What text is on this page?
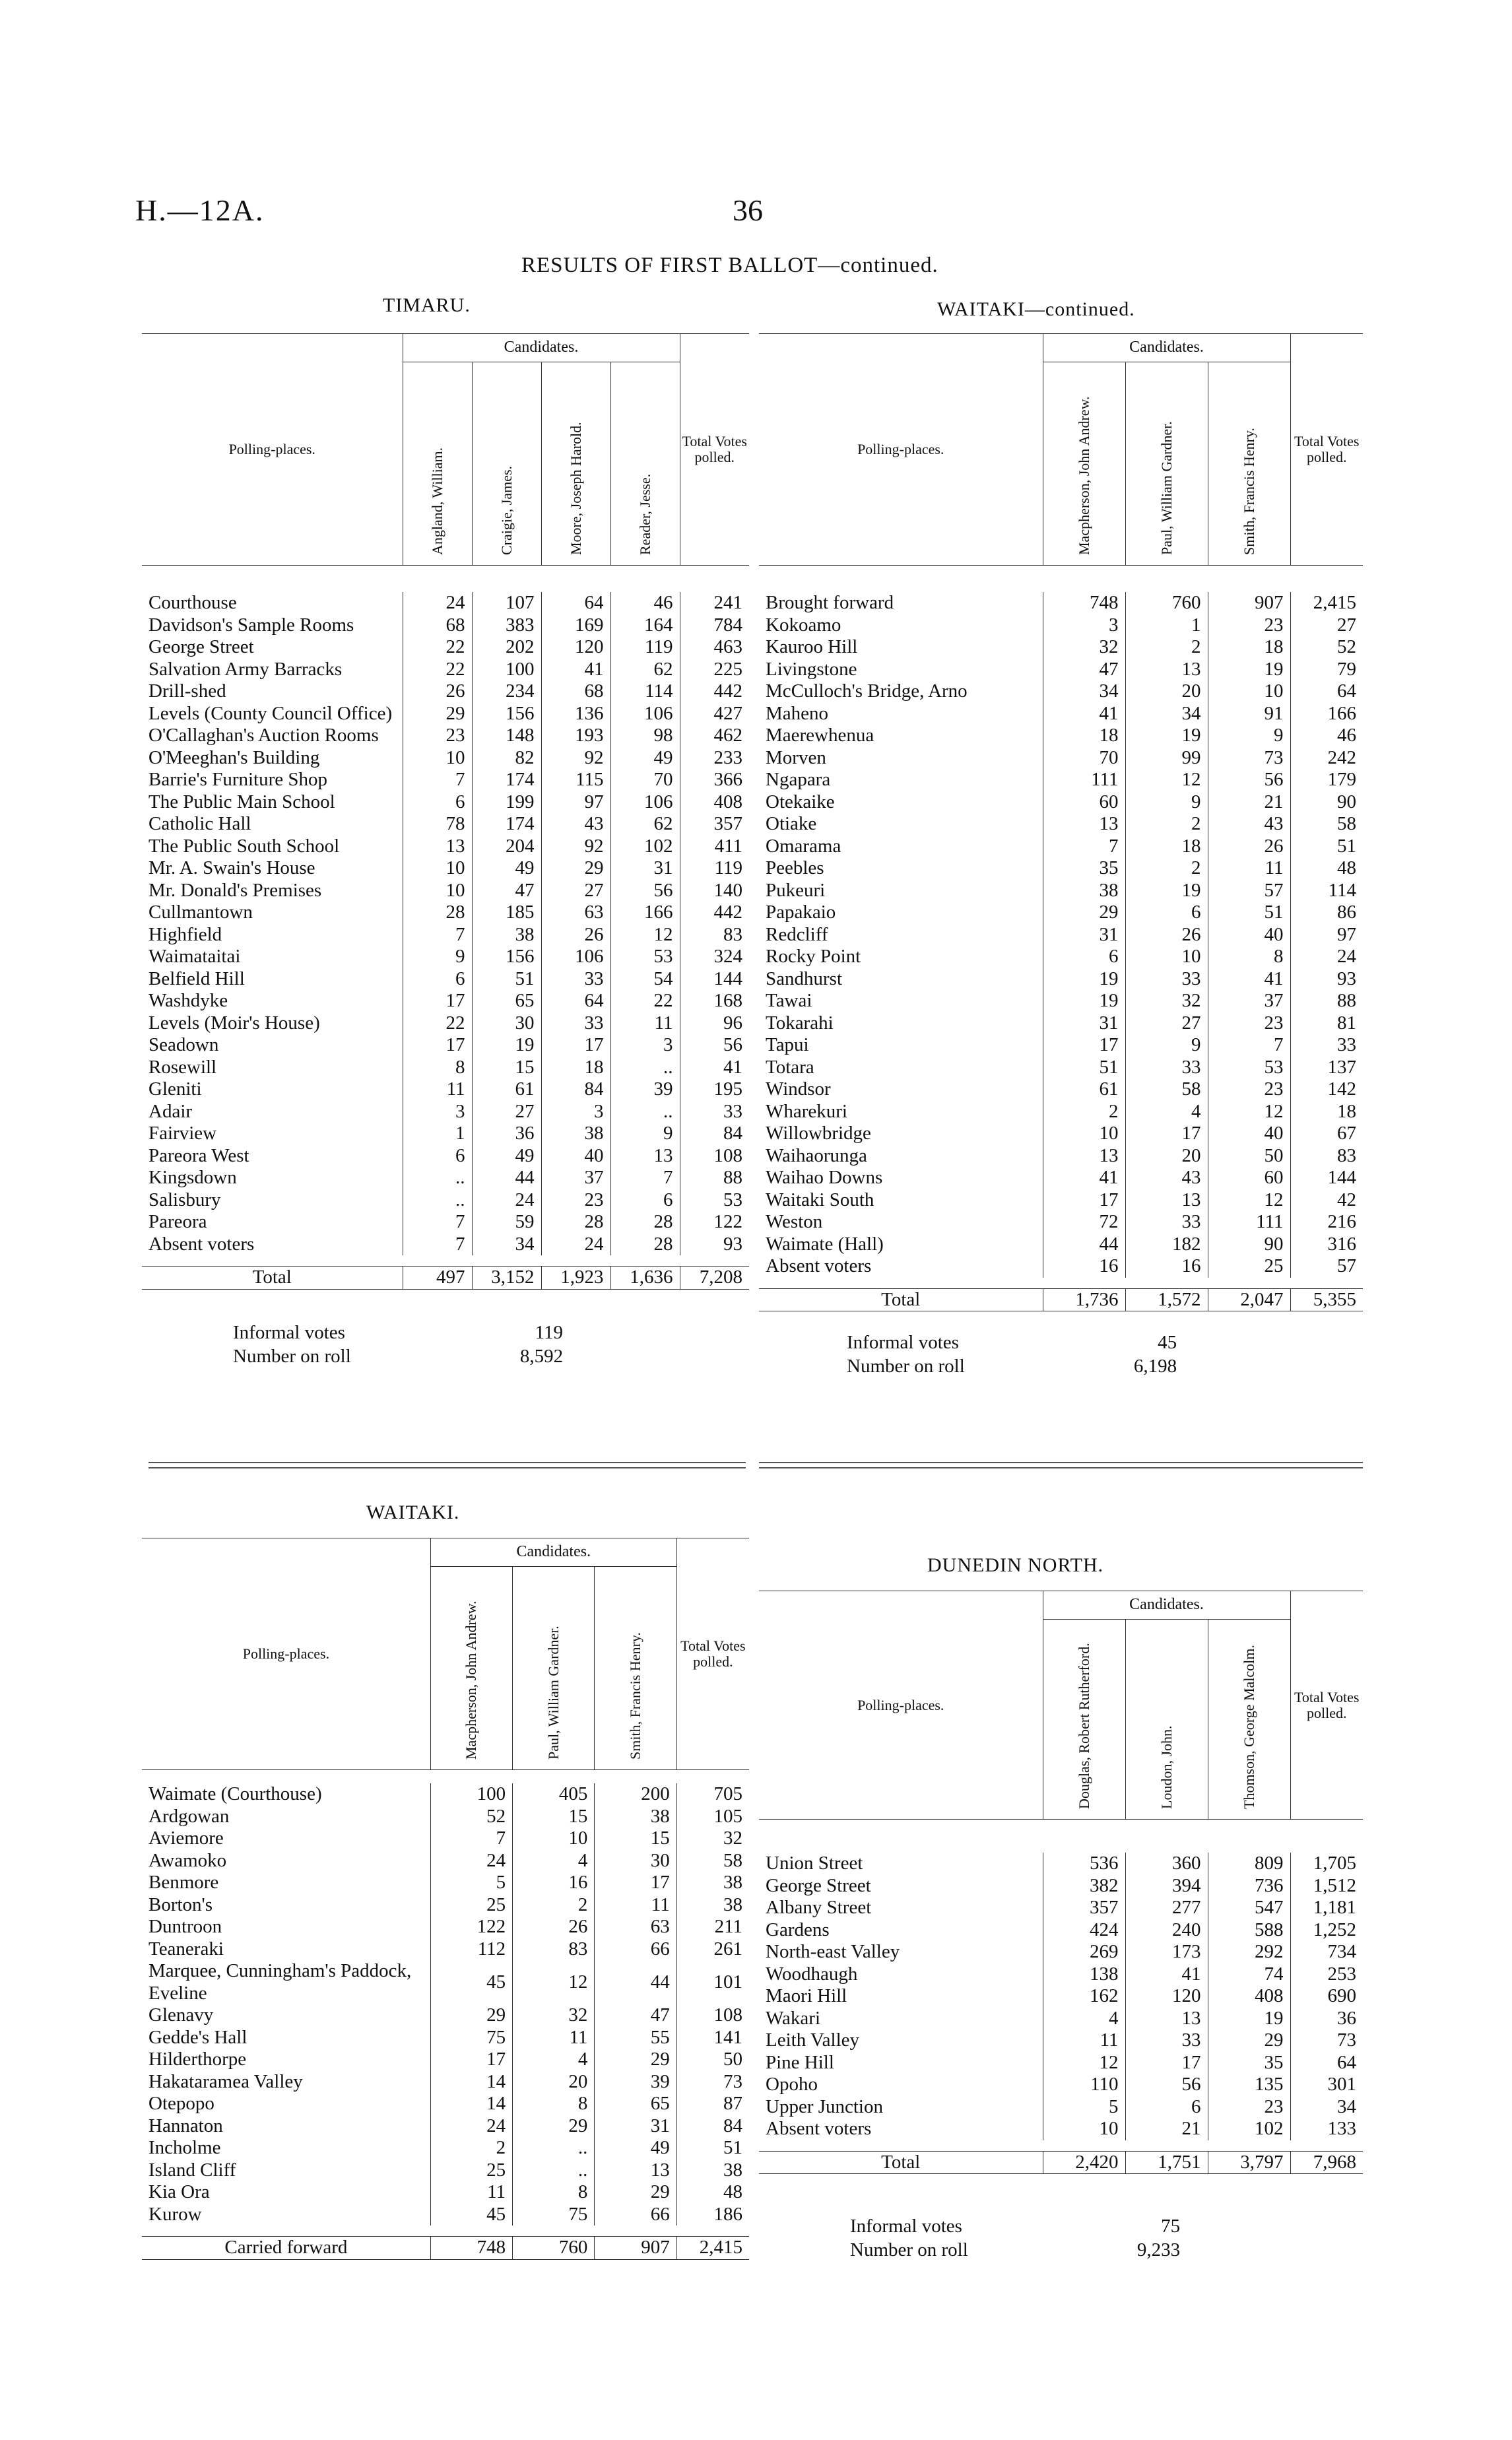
H.—12A.	36
RESULTS OF FIRST BALLOT—continued.
TIMARU.
Polling-places.	Candidates.				Total Votes polled.
	Angland, William.	Craigie, James.	Moore, Joseph Harold.	Reader, Jesse.	

Courthouse	24	107	64	46	241
Davidson's Sample Rooms	68	383	169	164	784
George Street	22	202	120	119	463
Salvation Army Barracks	22	100	41	62	225
Drill-shed	26	234	68	114	442
Levels (County Council Office)	29	156	136	106	427
O'Callaghan's Auction Rooms	23	148	193	98	462
O'Meeghan's Building	10	82	92	49	233
Barrie's Furniture Shop	7	174	115	70	366
The Public Main School	6	199	97	106	408
Catholic Hall	78	174	43	62	357
The Public South School	13	204	92	102	411
Mr. A. Swain's House	10	49	29	31	119
Mr. Donald's Premises	10	47	27	56	140
Cullmantown	28	185	63	166	442
Highfield	7	38	26	12	83
Waimataitai	9	156	106	53	324
Belfield Hill	6	51	33	54	144
Washdyke	17	65	64	22	168
Levels (Moir's House)	22	30	33	11	96
Seadown	17	19	17	3	56
Rosewill	8	15	18	..	41
Gleniti	11	61	84	39	195
Adair	3	27	3	..	33
Fairview	1	36	38	9	84
Pareora West	6	49	40	13	108
Kingsdown	..	44	37	7	88
Salisbury	..	24	23	6	53
Pareora	7	59	28	28	122
Absent voters	7	34	24	28	93

Total	497	3,152	1,923	1,636	7,208
Informal votes		119
Number on roll		8,592
WAITAKI—continued.
Polling-places.	Candidates.			Total Votes polled.
	Macpherson, John Andrew.	Paul, William Gardner.	Smith, Francis Henry.	

Brought forward	748	760	907	2,415
Kokoamo	3	1	23	27
Kauroo Hill	32	2	18	52
Livingstone	47	13	19	79
McCulloch's Bridge, Arno	34	20	10	64
Maheno	41	34	91	166
Maerewhenua	18	19	9	46
Morven	70	99	73	242
Ngapara	111	12	56	179
Otekaike	60	9	21	90
Otiake	13	2	43	58
Omarama	7	18	26	51
Peebles	35	2	11	48
Pukeuri	38	19	57	114
Papakaio	29	6	51	86
Redcliff	31	26	40	97
Rocky Point	6	10	8	24
Sandhurst	19	33	41	93
Tawai	19	32	37	88
Tokarahi	31	27	23	81
Tapui	17	9	7	33
Totara	51	33	53	137
Windsor	61	58	23	142
Wharekuri	2	4	12	18
Willowbridge	10	17	40	67
Waihaorunga	13	20	50	83
Waihao Downs	41	43	60	144
Waitaki South	17	13	12	42
Weston	72	33	111	216
Waimate (Hall)	44	182	90	316
Absent voters	16	16	25	57

Total	1,736	1,572	2,047	5,355
Informal votes		45
Number on roll		6,198
WAITAKI.
Polling-places.	Candidates.			Total Votes polled.
	Macpherson, John Andrew.	Paul, William Gardner.	Smith, Francis Henry.	

Waimate (Courthouse)	100	405	200	705
Ardgowan	52	15	38	105
Aviemore	7	10	15	32
Awamoko	24	4	30	58
Benmore	5	16	17	38
Borton's	25	2	11	38
Duntroon	122	26	63	211
Teaneraki	112	83	66	261
Marquee, Cunningham's Paddock, Eveline	45	12	44	101
Glenavy	29	32	47	108
Gedde's Hall	75	11	55	141
Hilderthorpe	17	4	29	50
Hakataramea Valley	14	20	39	73
Otepopo	14	8	65	87
Hannaton	24	29	31	84
Incholme	2	..	49	51
Island Cliff	25	..	13	38
Kia Ora	11	8	29	48
Kurow	45	75	66	186

Carried forward	748	760	907	2,415
DUNEDIN NORTH.
Polling-places.	Candidates.			Total Votes polled.
	Douglas, Robert Rutherford.	Loudon, John.	Thomson, George Malcolm.	

Union Street	536	360	809	1,705
George Street	382	394	736	1,512
Albany Street	357	277	547	1,181
Gardens	424	240	588	1,252
North-east Valley	269	173	292	734
Woodhaugh	138	41	74	253
Maori Hill	162	120	408	690
Wakari	4	13	19	36
Leith Valley	11	33	29	73
Pine Hill	12	17	35	64
Opoho	110	56	135	301
Upper Junction	5	6	23	34
Absent voters	10	21	102	133

Total	2,420	1,751	3,797	7,968
Informal votes		75
Number on roll		9,233
